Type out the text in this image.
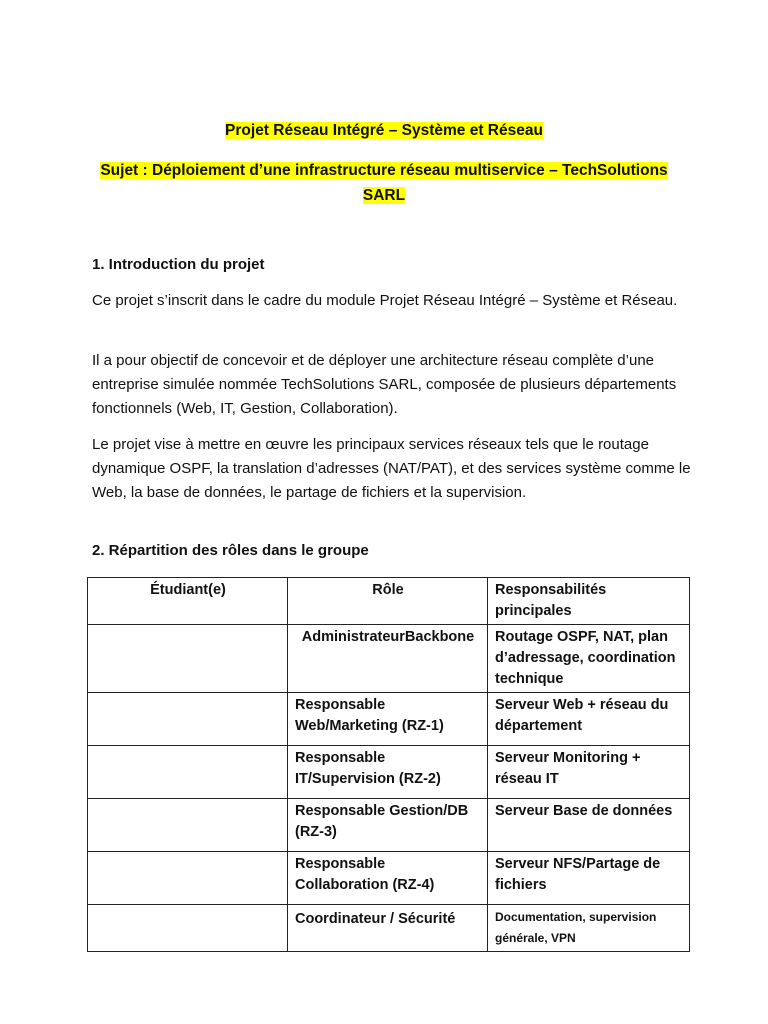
Projet Réseau Intégré – Système et Réseau
Sujet : Déploiement d’une infrastructure réseau multiservice – TechSolutions
SARL
1. Introduction du projet

Ce projet s’inscrit dans le cadre du module Projet Réseau Intégré – Système et Réseau.

Il a pour objectif de concevoir et de déployer une architecture réseau complète d’une entreprise simulée nommée TechSolutions SARL, composée de plusieurs départements fonctionnels (Web, IT, Gestion, Collaboration).

Le projet vise à mettre en œuvre les principaux services réseaux tels que le routage dynamique OSPF, la translation d’adresses (NAT/PAT), et des services système comme le Web, la base de données, le partage de fichiers et la supervision.

2. Répartition des rôles dans le groupe
Étudiant(e)	Rôle	Responsabilités principales
	AdministrateurBackbone	Routage OSPF, NAT, plan d’adressage, coordination technique
	Responsable Web/Marketing (RZ-1)	Serveur Web + réseau du département
	Responsable IT/Supervision (RZ-2)	Serveur Monitoring + réseau IT
	Responsable Gestion/DB (RZ-3)	Serveur Base de données
	Responsable Collaboration (RZ-4)	Serveur NFS/Partage de fichiers
	Coordinateur / Sécurité	Documentation, supervision générale, VPN
